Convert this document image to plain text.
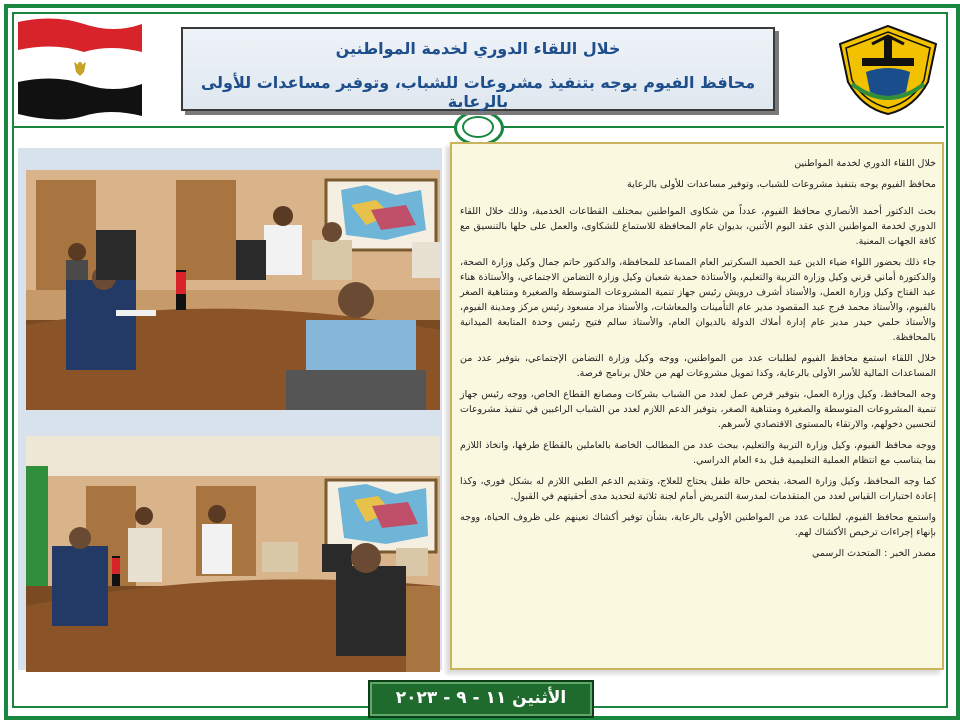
خلال اللقاء الدوري لخدمة المواطنين
محافظ الفيوم يوجه بتنفيذ مشروعات للشباب، وتوفير مساعدات للأولى بالرعاية

خلال اللقاء الدوري لخدمة المواطنين

محافظ الفيوم يوجه بتنفيذ مشروعات للشباب، وتوفير مساعدات للأولى بالرعاية

بحث الدكتور أحمد الأنصاري محافظ الفيوم، عدداً من شكاوى المواطنين بمختلف القطاعات الخدمية، وذلك خلال اللقاء الدوري لخدمة المواطنين الذي عقد اليوم الأثنين، بديوان عام المحافظة للاستماع للشكاوى، والعمل على حلها بالتنسيق مع كافة الجهات المعنية.

جاء ذلك بحضور اللواء ضياء الدين عبد الحميد السكرتير العام المساعد للمحافظة، والدكتور حاتم جمال وكيل وزارة الصحة، والدكتورة أماني قرني وكيل وزارة التربية والتعليم، والأستاذة حمدية شعبان وكيل وزارة التضامن الاجتماعي، والأستاذة هناء عبد الفتاح وكيل وزارة العمل، والأستاذ أشرف درويش رئيس جهاز تنمية المشروعات المتوسطة والصغيرة ومتناهية الصغر بالفيوم، والأستاذ محمد فرج عبد المقصود مدير عام التأمينات والمعاشات، والأستاذ مراد مسعود رئيس مركز ومدينة الفيوم، والأستاذ حلمي حيدر مدير عام إدارة أملاك الدولة بالديوان العام، والأستاذ سالم فتيح رئيس وحدة المتابعة الميدانية بالمحافظة.

خلال اللقاء استمع محافظ الفيوم لطلبات عدد من المواطنين، ووجه وكيل وزارة التضامن الإجتماعي، بتوفير عدد من المساعدات المالية للأسر الأولى بالرعاية، وكذا تمويل مشروعات لهم من خلال برنامج فرصة.

وجه المحافظ، وكيل وزارة العمل، بتوفير فرص عمل لعدد من الشباب بشركات ومصانع القطاع الخاص، ووجه رئيس جهاز تنمية المشروعات المتوسطة والصغيرة ومتناهية الصغر، بتوفير الدعم اللازم لعدد من الشباب الراغبين في تنفيذ مشروعات لتحسين دخولهم، والارتقاء بالمستوى الاقتصادي لأسرهم.

ووجه محافظ الفيوم، وكيل وزارة التربية والتعليم، ببحث عدد من المطالب الخاصة بالعاملين بالقطاع طرفها، واتخاذ اللازم بما يتناسب مع انتظام العملية التعليمية قبل بدء العام الدراسي.

كما وجه المحافظ، وكيل وزارة الصحة، بفحص حالة طفل يحتاج للعلاج، وتقديم الدعم الطبي اللازم له بشكل فوري، وكذا إعادة اختبارات القياس لعدد من المتقدمات لمدرسة التمريض أمام لجنة ثلاثية لتحديد مدى أحقيتهم في القبول.

واستمع محافظ الفيوم، لطلبات عدد من المواطنين الأولى بالرعاية، بشأن توفير أكشاك تعينهم على ظروف الحياة، ووجه بإنهاء إجراءات ترخيص الأكشاك لهم.

مصدر الخبر : المتحدث الرسمي

الأثنين ١١ - ٩ - ٢٠٢٣
